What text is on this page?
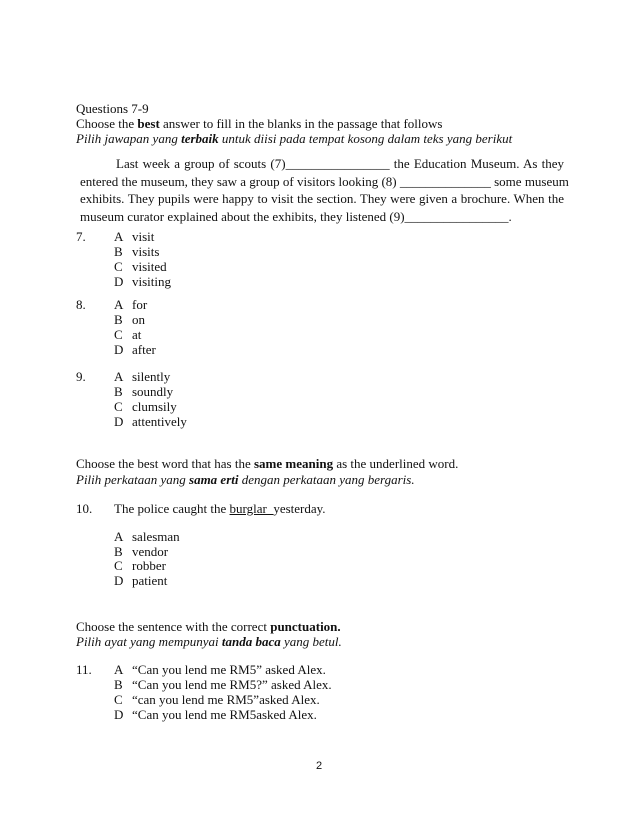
Questions 7-9
Choose the best answer to fill in the blanks in the passage that follows
Pilih jawapan yang terbaik untuk diisi pada tempat kosong dalam teks yang berikut
Last week a group of scouts (7)________________ the Education Museum. As they
entered the museum, they saw a group of visitors looking (8) ______________ some museum
exhibits. They pupils were happy to visit the section. They were given a brochure. When the
museum curator explained about the exhibits, they listened (9)________________.
7. A visit
B visits
C visited
D visiting
8. A for
B on
C at
D after
9. A silently
B soundly
C clumsily
D attentively
Choose the best word that has the same meaning as the underlined word.
Pilih perkataan yang sama erti dengan perkataan yang bergaris.
10. The police caught the burglar  yesterday.
A salesman
B vendor
C robber
D patient
Choose the sentence with the correct punctuation.
Pilih ayat yang mempunyai tanda baca yang betul.
11. A “Can you lend me RM5” asked Alex.
B “Can you lend me RM5?” asked Alex.
C “can you lend me RM5”asked Alex.
D “Can you lend me RM5asked Alex.
2
